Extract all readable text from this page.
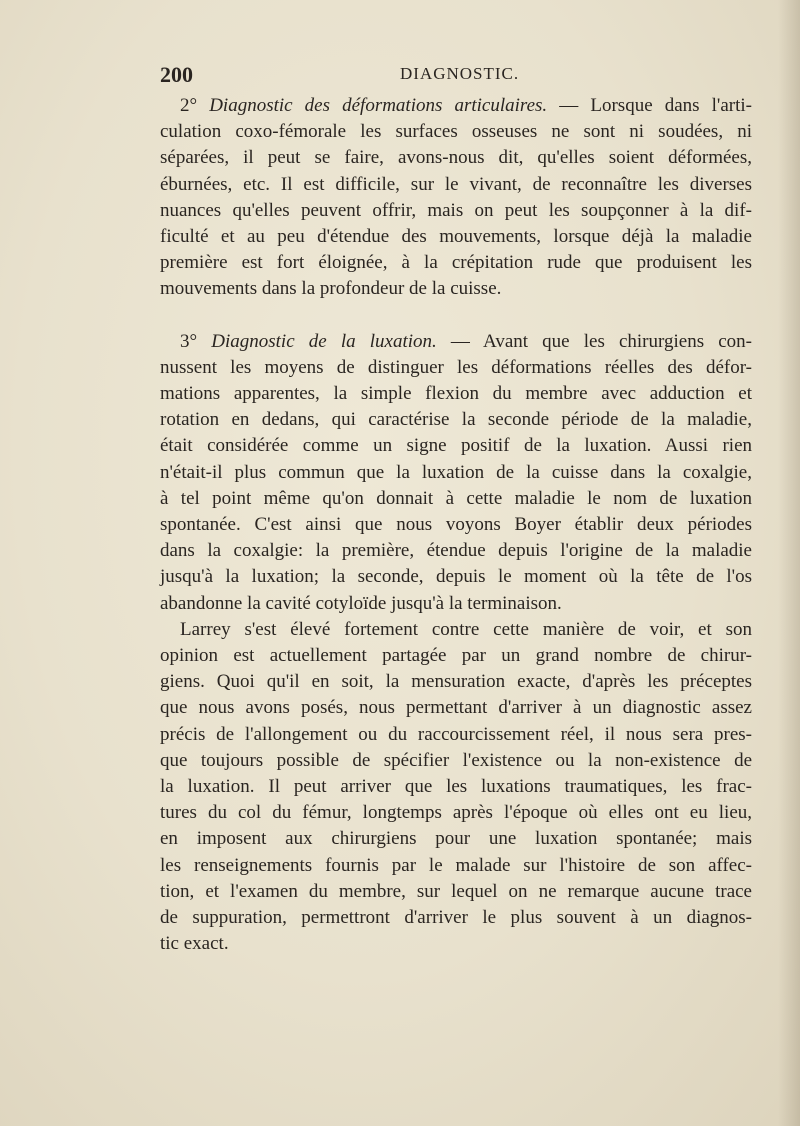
200	DIAGNOSTIC.
2° Diagnostic des déformations articulaires. — Lorsque dans l'arti-
culation coxo-fémorale les surfaces osseuses ne sont ni soudées, ni
séparées, il peut se faire, avons-nous dit, qu'elles soient déformées,
éburnées, etc. Il est difficile, sur le vivant, de reconnaître les diverses
nuances qu'elles peuvent offrir, mais on peut les soupçonner à la dif-
ficulté et au peu d'étendue des mouvements, lorsque déjà la maladie
première est fort éloignée, à la crépitation rude que produisent les
mouvements dans la profondeur de la cuisse.
3° Diagnostic de la luxation. — Avant que les chirurgiens con-
nussent les moyens de distinguer les déformations réelles des défor-
mations apparentes, la simple flexion du membre avec adduction et
rotation en dedans, qui caractérise la seconde période de la maladie,
était considérée comme un signe positif de la luxation. Aussi rien
n'était-il plus commun que la luxation de la cuisse dans la coxalgie,
à tel point même qu'on donnait à cette maladie le nom de luxation
spontanée. C'est ainsi que nous voyons Boyer établir deux périodes
dans la coxalgie: la première, étendue depuis l'origine de la maladie
jusqu'à la luxation; la seconde, depuis le moment où la tête de l'os
abandonne la cavité cotyloïde jusqu'à la terminaison.
Larrey s'est élevé fortement contre cette manière de voir, et son
opinion est actuellement partagée par un grand nombre de chirur-
giens. Quoi qu'il en soit, la mensuration exacte, d'après les préceptes
que nous avons posés, nous permettant d'arriver à un diagnostic assez
précis de l'allongement ou du raccourcissement réel, il nous sera pres-
que toujours possible de spécifier l'existence ou la non-existence de
la luxation. Il peut arriver que les luxations traumatiques, les frac-
tures du col du fémur, longtemps après l'époque où elles ont eu lieu,
en imposent aux chirurgiens pour une luxation spontanée; mais
les renseignements fournis par le malade sur l'histoire de son affec-
tion, et l'examen du membre, sur lequel on ne remarque aucune trace
de suppuration, permettront d'arriver le plus souvent à un diagnos-
tic exact.
